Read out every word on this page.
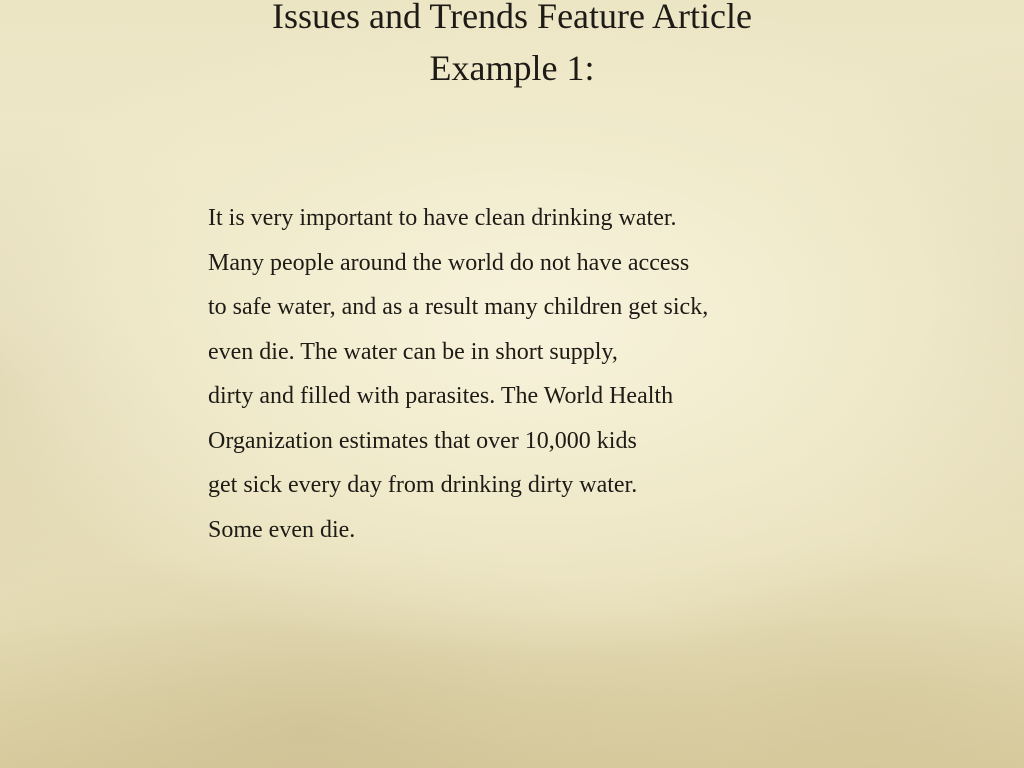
Issues and Trends Feature Article
Example 1:
It is very important to have clean drinking water.
Many people around the world do not have access
to safe water, and as a result many children get sick,
even die. The water can be in short supply,
dirty and filled with parasites. The World Health
Organization estimates that over 10,000 kids
get sick every day from drinking dirty water.
Some even die.
